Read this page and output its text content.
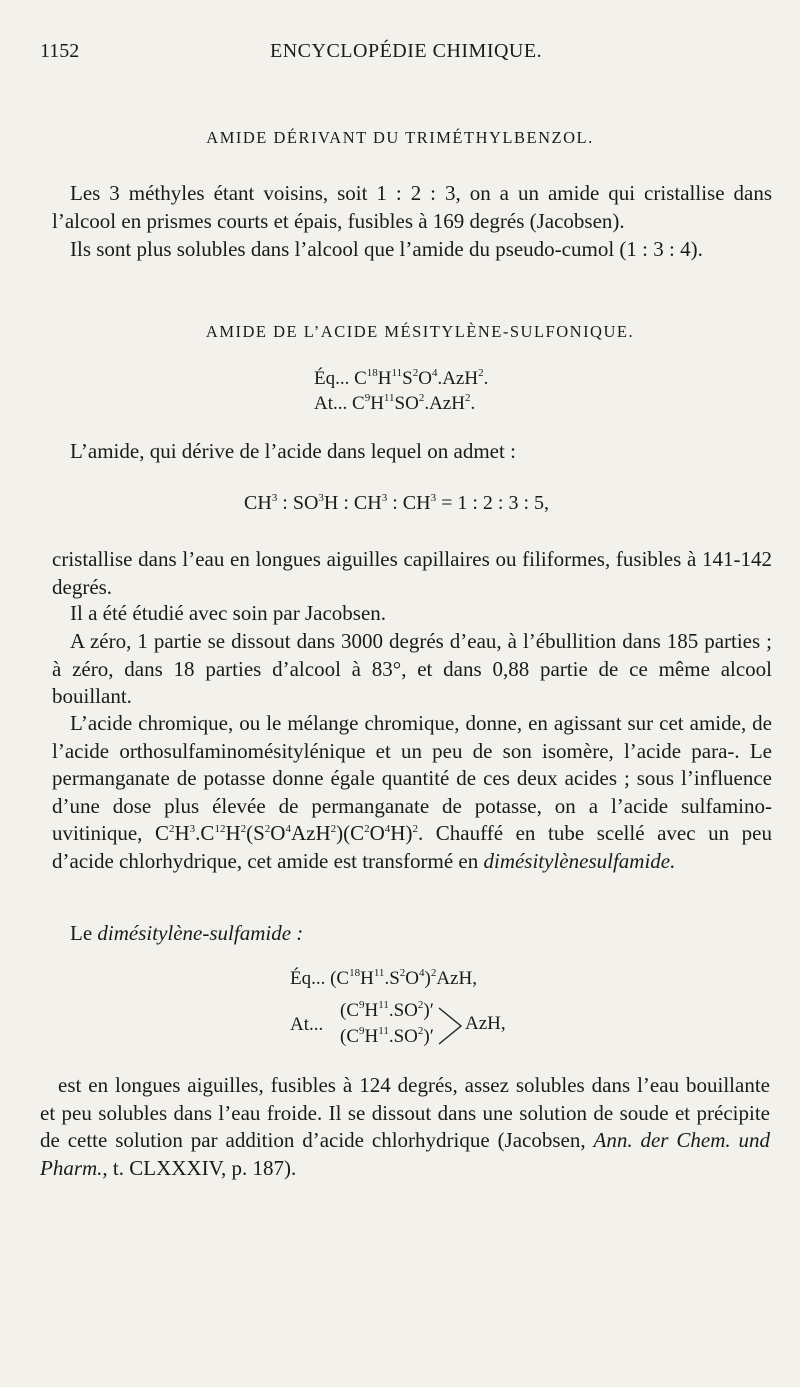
1152	ENCYCLOPÉDIE CHIMIQUE.
AMIDE DÉRIVANT DU TRIMÉTHYLBENZOL.
Les 3 méthyles étant voisins, soit 1 : 2 : 3, on a un amide qui cristallise dans l’alcool en prismes courts et épais, fusibles à 169 degrés (Jacobsen).
Ils sont plus solubles dans l’alcool que l’amide du pseudo-cumol (1 : 3 : 4).
AMIDE DE L’ACIDE MÉSITYLÈNE-SULFONIQUE.
Éq... $C^{18}H^{11}S^2O^4.AzH^2$.
At... $C^9H^{11}SO^2.AzH^2$.
L’amide, qui dérive de l’acide dans lequel on admet :
$CH^3$ : $SO^3H$ : $CH^3$ : $CH^3 = 1$ : 2 : 3 : 5,
cristallise dans l’eau en longues aiguilles capillaires ou filiformes, fusibles à 141-142 degrés.
Il a été étudié avec soin par Jacobsen.
A zéro, 1 partie se dissout dans 3000 degrés d’eau, à l’ébullition dans 185 parties ; à zéro, dans 18 parties d’alcool à 83°, et dans 0,88 partie de ce même alcool bouillant.
L’acide chromique, ou le mélange chromique, donne, en agissant sur cet amide, de l’acide orthosulfaminomésitylénique et un peu de son isomère, l’acide para-. Le permanganate de potasse donne égale quantité de ces deux acides ; sous l’influence d’une dose plus élevée de permanganate de potasse, on a l’acide sulfamino-uvitinique, $C^2H^3.C^{12}H^2(S^2O^4AzH^2)(C^2O^4H)^2$. Chauffé en tube scellé avec un peu d’acide chlorhydrique, cet amide est transformé en dimésitylènesulfamide.
Le dimésitylène-sulfamide :
Éq... $(C^{18}H^{11}.S^2O^4)^2AzH$,
At...
$(C^9H^{11}.SO^2)'$
$(C^9H^{11}.SO^2)'$
AzH,
est en longues aiguilles, fusibles à 124 degrés, assez solubles dans l’eau bouillante et peu solubles dans l’eau froide. Il se dissout dans une solution de soude et précipite de cette solution par addition d’acide chlorhydrique (Jacobsen, Ann. der Chem. und Pharm., t. CLXXXIV, p. 187).
